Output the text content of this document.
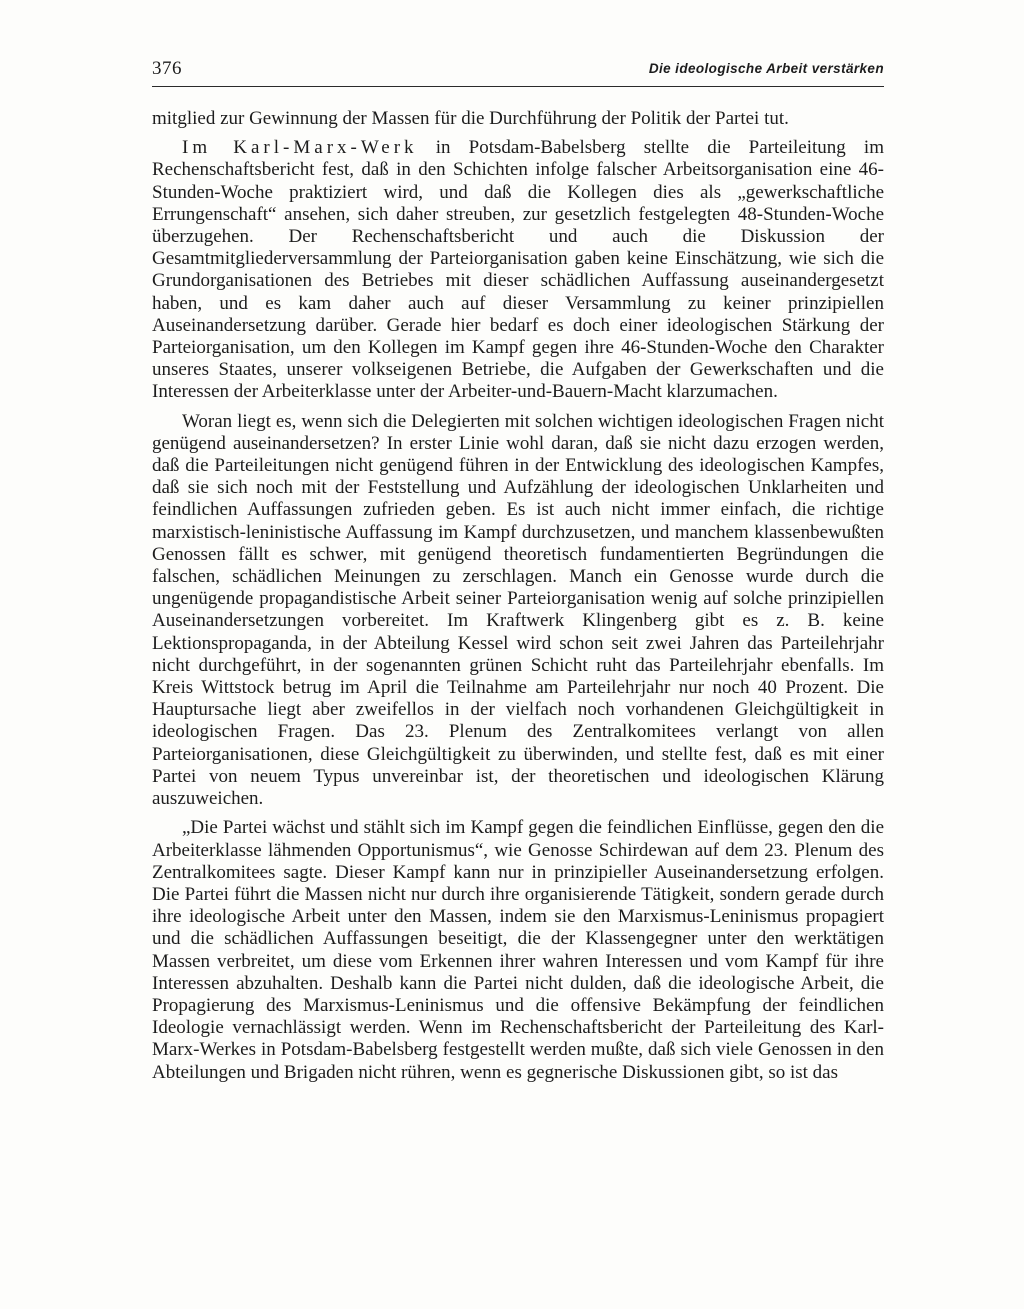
376	Die ideologische Arbeit verstärken

mitglied zur Gewinnung der Massen für die Durchführung der Politik der Partei tut.

Im Karl-Marx-Werk in Potsdam-Babelsberg stellte die Parteileitung im Rechenschaftsbericht fest, daß in den Schichten infolge falscher Arbeitsorganisation eine 46-Stunden-Woche praktiziert wird, und daß die Kollegen dies als „gewerkschaftliche Errungenschaft“ ansehen, sich daher streuben, zur gesetzlich festgelegten 48-Stunden-Woche überzugehen. Der Rechenschaftsbericht und auch die Diskussion der Gesamtmitgliederversammlung der Parteiorganisation gaben keine Einschätzung, wie sich die Grundorganisationen des Betriebes mit dieser schädlichen Auffassung auseinandergesetzt haben, und es kam daher auch auf dieser Versammlung zu keiner prinzipiellen Auseinandersetzung darüber. Gerade hier bedarf es doch einer ideologischen Stärkung der Parteiorganisation, um den Kollegen im Kampf gegen ihre 46-Stunden-Woche den Charakter unseres Staates, unserer volkseigenen Betriebe, die Aufgaben der Gewerkschaften und die Interessen der Arbeiterklasse unter der Arbeiter-und-Bauern-Macht klarzumachen.

Woran liegt es, wenn sich die Delegierten mit solchen wichtigen ideologischen Fragen nicht genügend auseinandersetzen? In erster Linie wohl daran, daß sie nicht dazu erzogen werden, daß die Parteileitungen nicht genügend führen in der Entwicklung des ideologischen Kampfes, daß sie sich noch mit der Feststellung und Aufzählung der ideologischen Unklarheiten und feindlichen Auffassungen zufrieden geben. Es ist auch nicht immer einfach, die richtige marxistisch-leninistische Auffassung im Kampf durchzusetzen, und manchem klassenbewußten Genossen fällt es schwer, mit genügend theoretisch fundamentierten Begründungen die falschen, schädlichen Meinungen zu zerschlagen. Manch ein Genosse wurde durch die ungenügende propagandistische Arbeit seiner Parteiorganisation wenig auf solche prinzipiellen Auseinandersetzungen vorbereitet. Im Kraftwerk Klingenberg gibt es z. B. keine Lektionspropaganda, in der Abteilung Kessel wird schon seit zwei Jahren das Parteilehrjahr nicht durchgeführt, in der sogenannten grünen Schicht ruht das Parteilehrjahr ebenfalls. Im Kreis Wittstock betrug im April die Teilnahme am Parteilehrjahr nur noch 40 Prozent. Die Hauptursache liegt aber zweifellos in der vielfach noch vorhandenen Gleichgültigkeit in ideologischen Fragen. Das 23. Plenum des Zentralkomitees verlangt von allen Parteiorganisationen, diese Gleichgültigkeit zu überwinden, und stellte fest, daß es mit einer Partei von neuem Typus unvereinbar ist, der theoretischen und ideologischen Klärung auszuweichen.

„Die Partei wächst und stählt sich im Kampf gegen die feindlichen Einflüsse, gegen den die Arbeiterklasse lähmenden Opportunismus“, wie Genosse Schirdewan auf dem 23. Plenum des Zentralkomitees sagte. Dieser Kampf kann nur in prinzipieller Auseinandersetzung erfolgen. Die Partei führt die Massen nicht nur durch ihre organisierende Tätigkeit, sondern gerade durch ihre ideologische Arbeit unter den Massen, indem sie den Marxismus-Leninismus propagiert und die schädlichen Auffassungen beseitigt, die der Klassengegner unter den werktätigen Massen verbreitet, um diese vom Erkennen ihrer wahren Interessen und vom Kampf für ihre Interessen abzuhalten. Deshalb kann die Partei nicht dulden, daß die ideologische Arbeit, die Propagierung des Marxismus-Leninismus und die offensive Bekämpfung der feindlichen Ideologie vernachlässigt werden. Wenn im Rechenschaftsbericht der Parteileitung des Karl-Marx-Werkes in Potsdam-Babelsberg festgestellt werden mußte, daß sich viele Genossen in den Abteilungen und Brigaden nicht rühren, wenn es gegnerische Diskussionen gibt, so ist das
